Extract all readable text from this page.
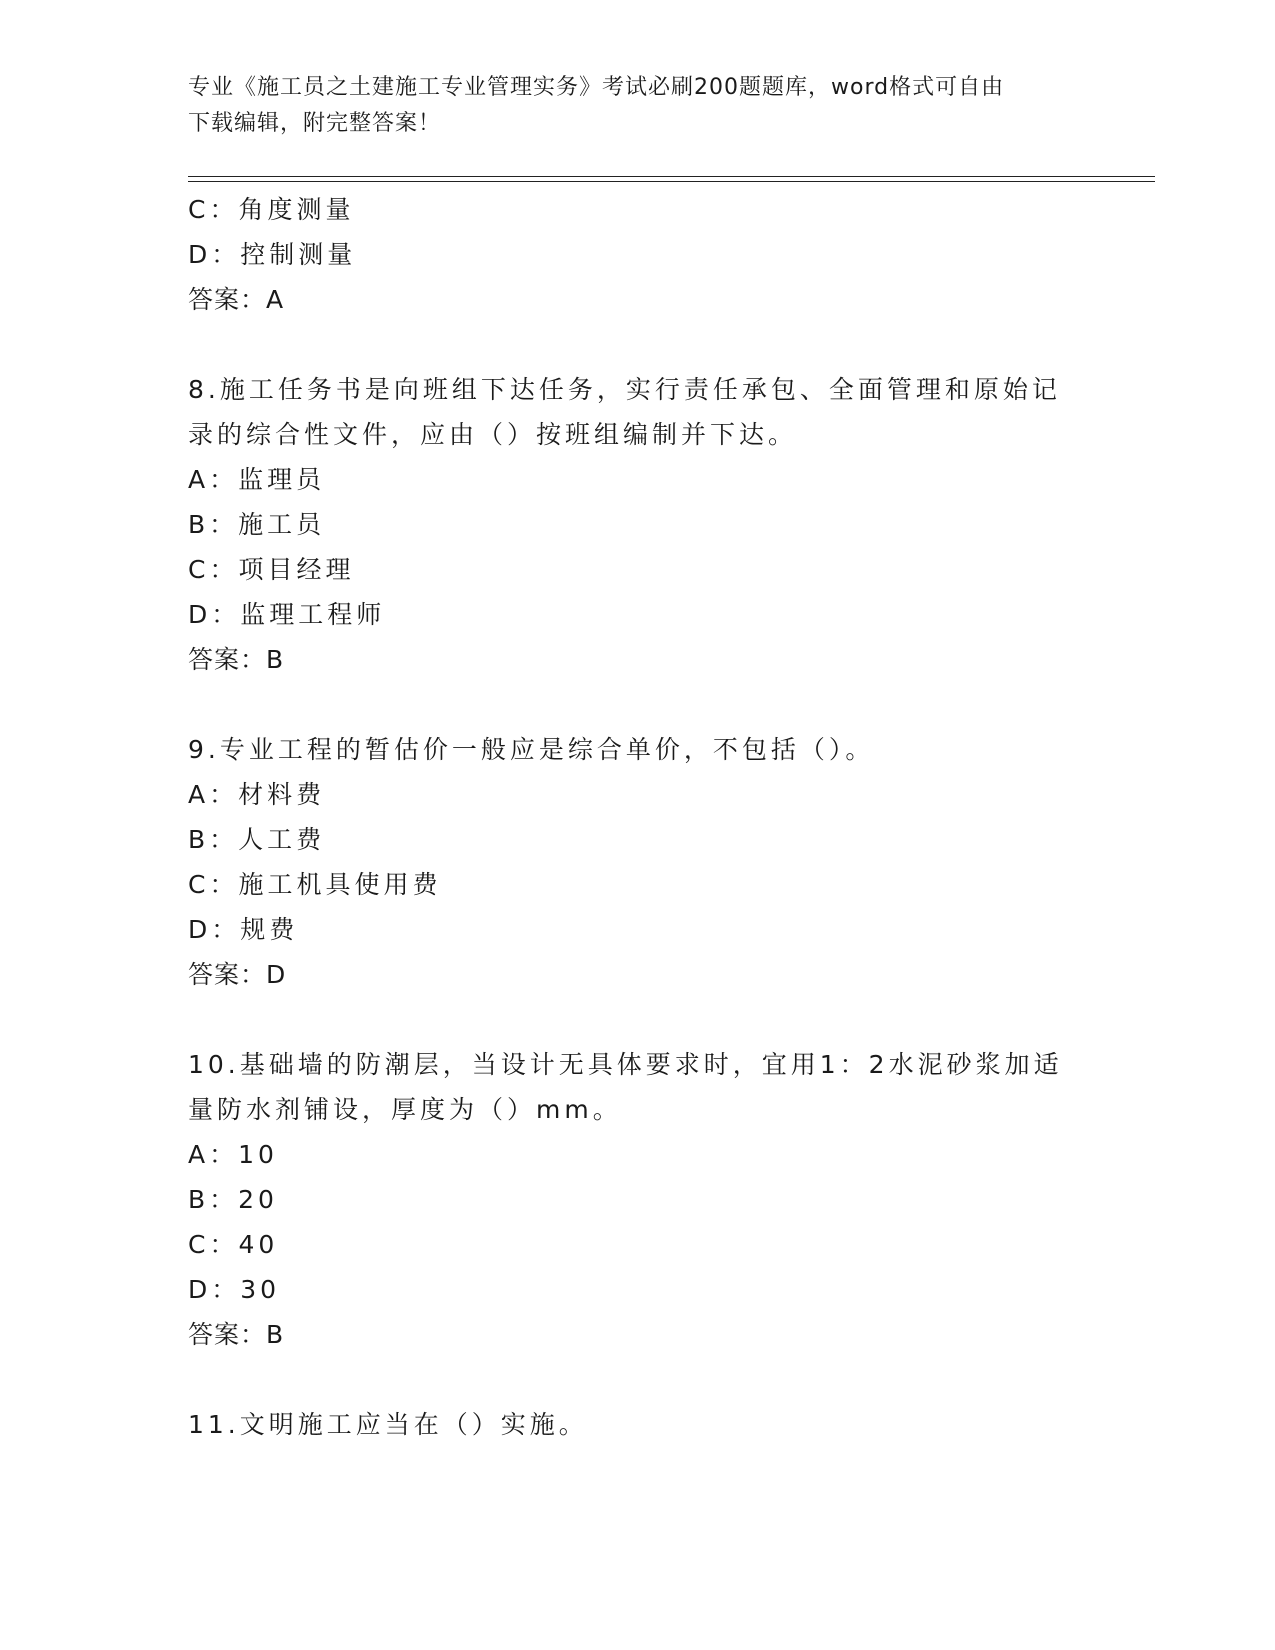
专业《施工员之土建施工专业管理实务》考试必刷200题题库，word格式可自由
下载编辑，附完整答案！
C：角度测量
D：控制测量
答案：A
8.施工任务书是向班组下达任务，实行责任承包、全面管理和原始记
录的综合性文件，应由（）按班组编制并下达。
A：监理员
B：施工员
C：项目经理
D：监理工程师
答案：B
9.专业工程的暂估价一般应是综合单价，不包括（）。
A：材料费
B：人工费
C：施工机具使用费
D：规费
答案：D
10.基础墙的防潮层，当设计无具体要求时，宜用1：2水泥砂浆加适
量防水剂铺设，厚度为（）mm。
A：10
B：20
C：40
D：30
答案：B
11.文明施工应当在（）实施。
